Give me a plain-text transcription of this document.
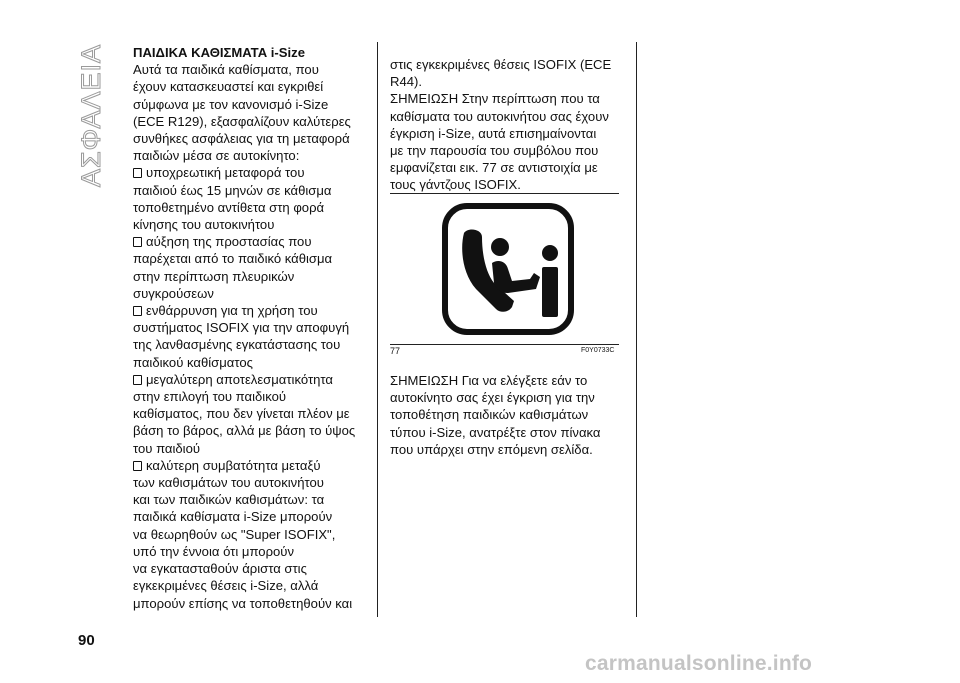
ΑΣΦΑΛΕΙΑ ΠΑΙΔΙΚΑ ΚΑΘΙΣΜΑΤΑ i-Size
Αυτά τα παιδικά καθίσματα, που
έχουν κατασκευαστεί και εγκριθεί
σύμφωνα με τον κανονισμό i-Size
(ECE R129), εξασφαλίζουν καλύτερες
συνθήκες ασφάλειας για τη μεταφορά
παιδιών μέσα σε αυτοκίνητο:
υποχρεωτική μεταφορά του
παιδιού έως 15 μηνών σε κάθισμα
τοποθετημένο αντίθετα στη φορά
κίνησης του αυτοκινήτου
αύξηση της προστασίας που
παρέχεται από το παιδικό κάθισμα
στην περίπτωση πλευρικών
συγκρούσεων
ενθάρρυνση για τη χρήση του
συστήματος ISOFIX για την αποφυγή
της λανθασμένης εγκατάστασης του
παιδικού καθίσματος
μεγαλύτερη αποτελεσματικότητα
στην επιλογή του παιδικού
καθίσματος, που δεν γίνεται πλέον με
βάση το βάρος, αλλά με βάση το ύψος
του παιδιού
καλύτερη συμβατότητα μεταξύ
των καθισμάτων του αυτοκινήτου
και των παιδικών καθισμάτων: τα
παιδικά καθίσματα i-Size μπορούν
να θεωρηθούν ως "Super ISOFIX",
υπό την έννοια ότι μπορούν
να εγκατασταθούν άριστα στις
εγκεκριμένες θέσεις i-Size, αλλά
μπορούν επίσης να τοποθετηθούν και
στις εγκεκριμένες θέσεις ISOFIX (ECE
R44).
ΣΗΜΕΙΩΣΗ Στην περίπτωση που τα
καθίσματα του αυτοκινήτου σας έχουν
έγκριση i-Size, αυτά επισημαίνονται
με την παρουσία του συμβόλου που
εμφανίζεται εικ. 77 σε αντιστοιχία με
τους γάντζους ISOFIX.
77	F0Y0733C
ΣΗΜΕΙΩΣΗ Για να ελέγξετε εάν το
αυτοκίνητο σας έχει έγκριση για την
τοποθέτηση παιδικών καθισμάτων
τύπου i-Size, ανατρέξτε στον πίνακα
που υπάρχει στην επόμενη σελίδα.
90
carmanualsonline.info
